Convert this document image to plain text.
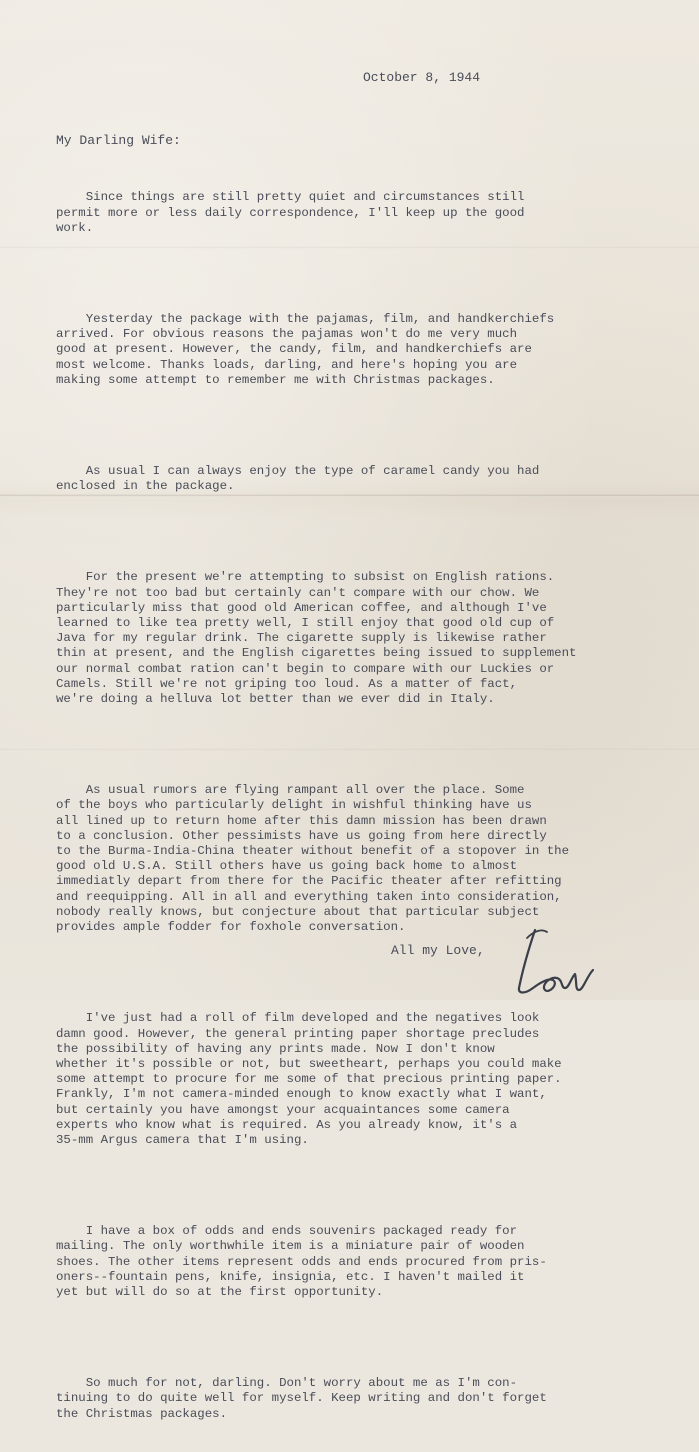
October 8, 1944

My Darling Wife:

Since things are still pretty quiet and circumstances still
permit more or less daily correspondence, I'll keep up the good
work.

Yesterday the package with the pajamas, film, and handkerchiefs
arrived. For obvious reasons the pajamas won't do me very much
good at present. However, the candy, film, and handkerchiefs are
most welcome. Thanks loads, darling, and here's hoping you are
making some attempt to remember me with Christmas packages.

As usual I can always enjoy the type of caramel candy you had
enclosed in the package.

For the present we're attempting to subsist on English rations.
They're not too bad but certainly can't compare with our chow. We
particularly miss that good old American coffee, and although I've
learned to like tea pretty well, I still enjoy that good old cup of
Java for my regular drink. The cigarette supply is likewise rather
thin at present, and the English cigarettes being issued to supplement
our normal combat ration can't begin to compare with our Luckies or
Camels. Still we're not griping too loud. As a matter of fact,
we're doing a helluva lot better than we ever did in Italy.

As usual rumors are flying rampant all over the place. Some
of the boys who particularly delight in wishful thinking have us
all lined up to return home after this damn mission has been drawn
to a conclusion. Other pessimists have us going from here directly
to the Burma-India-China theater without benefit of a stopover in the
good old U.S.A. Still others have us going back home to almost
immediatly depart from there for the Pacific theater after refitting
and reequipping. All in all and everything taken into consideration,
nobody really knows, but conjecture about that particular subject
provides ample fodder for foxhole conversation.

I've just had a roll of film developed and the negatives look
damn good. However, the general printing paper shortage precludes
the possibility of having any prints made. Now I don't know
whether it's possible or not, but sweetheart, perhaps you could make
some attempt to procure for me some of that precious printing paper.
Frankly, I'm not camera-minded enough to know exactly what I want,
but certainly you have amongst your acquaintances some camera
experts who know what is required. As you already know, it's a
35-mm Argus camera that I'm using.

I have a box of odds and ends souvenirs packaged ready for
mailing. The only worthwhile item is a miniature pair of wooden
shoes. The other items represent odds and ends procured from pris-
oners--fountain pens, knife, insignia, etc. I haven't mailed it
yet but will do so at the first opportunity.

So much for not, darling. Don't worry about me as I'm con-
tinuing to do quite well for myself. Keep writing and don't forget
the Christmas packages.

All my Love,
